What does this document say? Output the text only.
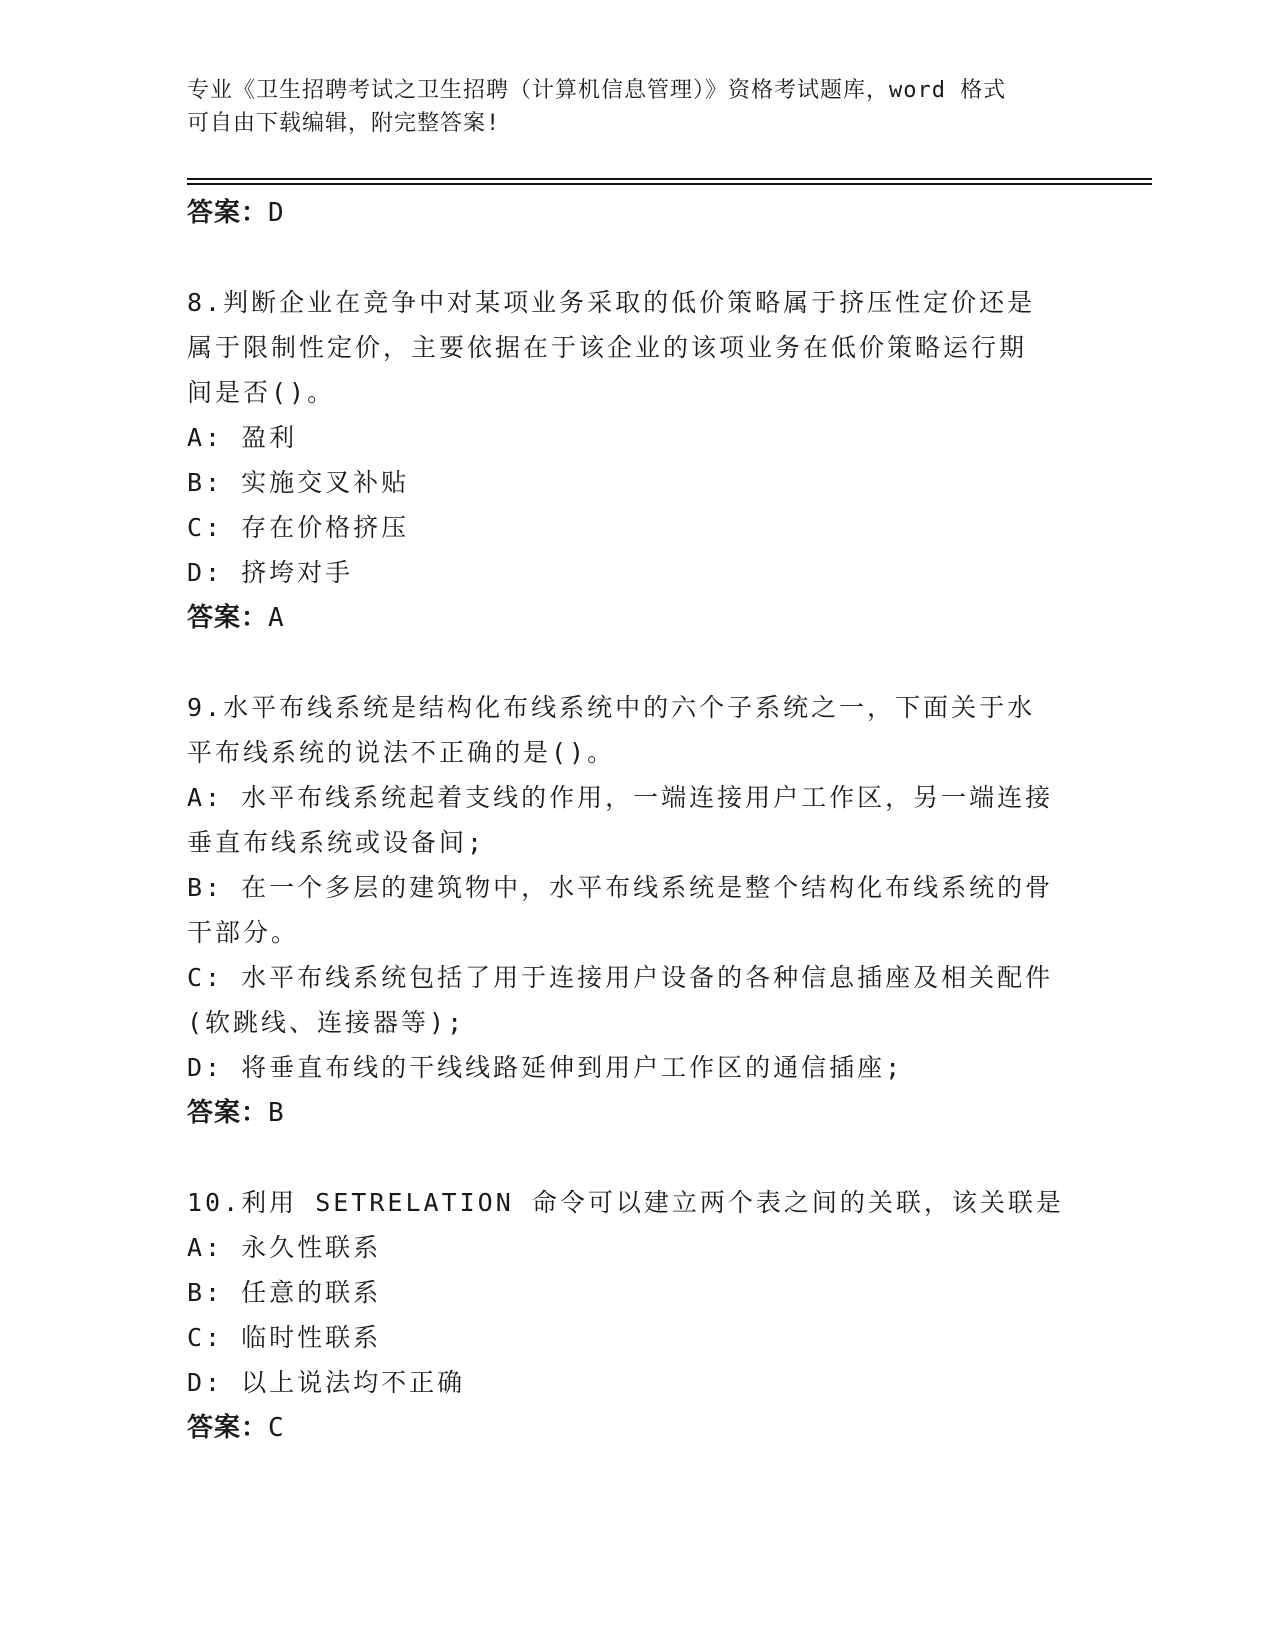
专业《卫生招聘考试之卫生招聘（计算机信息管理）》资格考试题库，word 格式
可自由下载编辑，附完整答案!
答案：D
8.判断企业在竞争中对某项业务采取的低价策略属于挤压性定价还是
属于限制性定价，主要依据在于该企业的该项业务在低价策略运行期
间是否()。
A: 盈利
B: 实施交叉补贴
C: 存在价格挤压
D: 挤垮对手
答案：A
9.水平布线系统是结构化布线系统中的六个子系统之一，下面关于水
平布线系统的说法不正确的是()。
A: 水平布线系统起着支线的作用，一端连接用户工作区，另一端连接
垂直布线系统或设备间;
B: 在一个多层的建筑物中，水平布线系统是整个结构化布线系统的骨
干部分。
C: 水平布线系统包括了用于连接用户设备的各种信息插座及相关配件
(软跳线、连接器等);
D: 将垂直布线的干线线路延伸到用户工作区的通信插座;
答案：B
10.利用 SETRELATION 命令可以建立两个表之间的关联，该关联是
A: 永久性联系
B: 任意的联系
C: 临时性联系
D: 以上说法均不正确
答案：C
